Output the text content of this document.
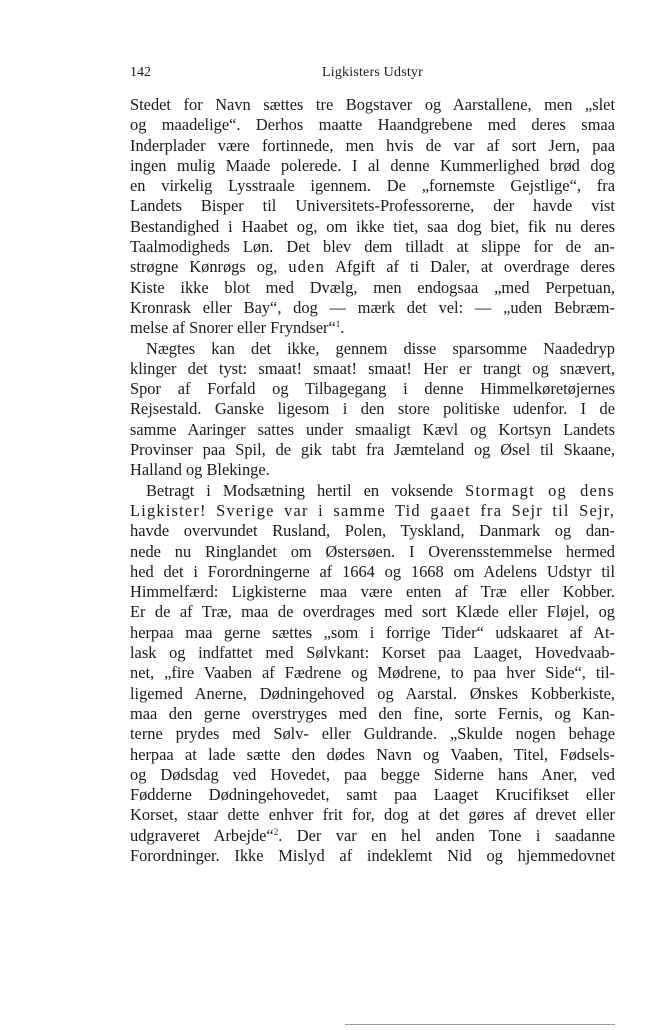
142	Ligkisters Udstyr
Stedet for Navn sættes tre Bogstaver og Aarstallene, men „slet
og maadelige“. Derhos maatte Haandgrebene med deres smaa
Inderplader være fortinnede, men hvis de var af sort Jern, paa
ingen mulig Maade polerede. I al denne Kummerlighed brød dog
en virkelig Lysstraale igennem. De „fornemste Gejstlige“, fra
Landets Bisper til Universitets-Professorerne, der havde vist
Bestandighed i Haabet og, om ikke tiet, saa dog biet, fik nu deres
Taalmodigheds Løn. Det blev dem tilladt at slippe for de an-
strøgne Kønrøgs og, uden Afgift af ti Daler, at overdrage deres
Kiste ikke blot med Dvælg, men endogsaa „med Perpetuan,
Kronrask eller Bay“, dog — mærk det vel: — „uden Bebræm-
melse af Snorer eller Fryndser“$^1$.
Nægtes kan det ikke, gennem disse sparsomme Naadedryp
klinger det tyst: smaat! smaat! smaat! Her er trangt og snævert,
Spor af Forfald og Tilbagegang i denne Himmelkøretøjernes
Rejsestald. Ganske ligesom i den store politiske udenfor. I de
samme Aaringer sattes under smaaligt Kævl og Kortsyn Landets
Provinser paa Spil, de gik tabt fra Jæmteland og Øsel til Skaane,
Halland og Blekinge.
Betragt i Modsætning hertil en voksende Stormagt og dens
Ligkister! Sverige var i samme Tid gaaet fra Sejr til Sejr,
havde overvundet Rusland, Polen, Tyskland, Danmark og dan-
nede nu Ringlandet om Østersøen. I Overensstemmelse hermed
hed det i Forordningerne af 1664 og 1668 om Adelens Udstyr til
Himmelfærd: Ligkisterne maa være enten af Træ eller Kobber.
Er de af Træ, maa de overdrages med sort Klæde eller Fløjel, og
herpaa maa gerne sættes „som i forrige Tider“ udskaaret af At-
lask og indfattet med Sølvkant: Korset paa Laaget, Hovedvaab-
net, „fire Vaaben af Fædrene og Mødrene, to paa hver Side“, til-
ligemed Anerne, Dødningehoved og Aarstal. Ønskes Kobberkiste,
maa den gerne overstryges med den fine, sorte Fernis, og Kan-
terne prydes med Sølv- eller Guldrande. „Skulde nogen behage
herpaa at lade sætte den dødes Navn og Vaaben, Titel, Fødsels-
og Dødsdag ved Hovedet, paa begge Siderne hans Aner, ved
Fødderne Dødningehovedet, samt paa Laaget Krucifikset eller
Korset, staar dette enhver frit for, dog at det gøres af drevet eller
udgraveret Arbejde“$^2$. Der var en hel anden Tone i saadanne
Forordninger. Ikke Mislyd af indeklemt Nid og hjemmedovnet
